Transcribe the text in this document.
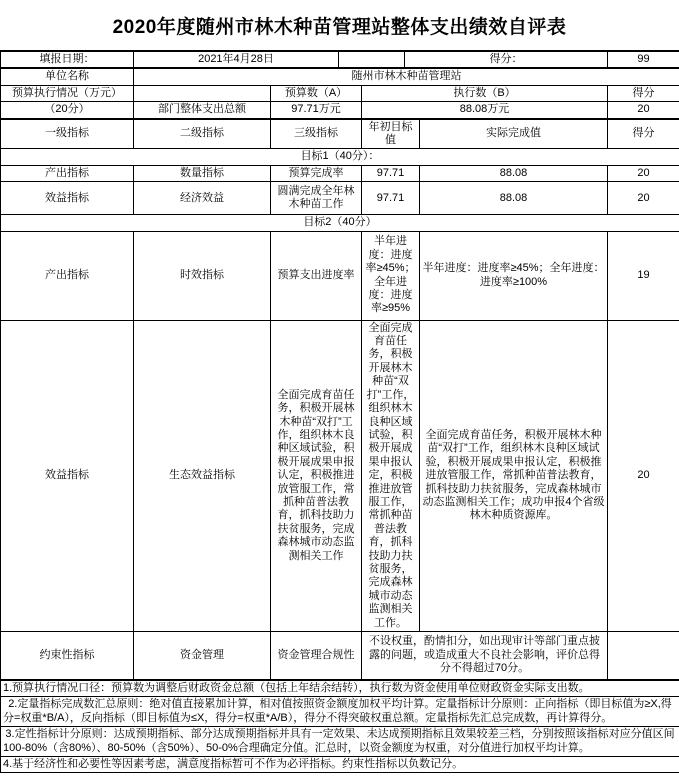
2020年度随州市林木种苗管理站整体支出绩效自评表
填报日期：	2021年4月28日		得分：	99
单位名称	随州市林木种苗管理站			
预算执行情况（万元）		预算数（A）	执行数（B）	得分
（20分）	部门整体支出总额	97.71万元	88.08万元	20
一级指标	二级指标	三级指标	年初目标值	实际完成值	得分
目标1（40分）：					
产出指标	数量指标	预算完成率	97.71	88.08	20
效益指标	经济效益	圆满完成全年林木种苗工作	97.71	88.08	20
目标2（40分）					
产出指标	时效指标	预算支出进度率	半年进度：进度率≥45%；全年进度：进度率≥95%	半年进度：进度率≥45%；全年进度：进度率≥100%	19
效益指标	生态效益指标	全面完成育苗任务，积极开展林木种苗“双打”工作，组织林木良种区域试验，积极开展成果申报认定，积极推进放管服工作，常抓种苗普法教育，抓科技助力扶贫服务，完成森林城市动态监测相关工作	全面完成育苗任务，积极开展林木种苗“双打”工作，组织林木良种区域试验，积极开展成果申报认定，积极推进放管服工作，常抓种苗普法教育，抓科技助力扶贫服务，完成森林城市动态监测相关工作。	全面完成育苗任务，积极开展林木种苗“双打”工作，组织林木良种区域试验，积极开展成果申报认定，积极推进放管服工作，常抓种苗普法教育，抓科技助力扶贫服务，完成森林城市动态监测相关工作；成功申报4个省级林木种质资源库。	20
约束性指标	资金管理	资金管理合规性	不设权重，酌情扣分，如出现审计等部门重点披露的问题，或造成重大不良社会影响，评价总得分不得超过70分。		
1.预算执行情况口径：预算数为调整后财政资金总额（包括上年结余结转），执行数为资金使用单位财政资金实际支出数。
2.定量指标完成数汇总原则：绝对值直接累加计算，相对值按照资金额度加权平均计算。定量指标计分原则：正向指标（即目标值为≥X,得分=权重*B/A），反向指标（即目标值为≤X，得分=权重*A/B），得分不得突破权重总额。定量指标先汇总完成数，再计算得分。
3.定性指标计分原则：达成预期指标、部分达成预期指标并具有一定效果、未达成预期指标且效果较差三档，分别按照该指标对应分值区间100-80%（含80%）、80-50%（含50%）、50-0%合理确定分值。汇总时，以资金额度为权重，对分值进行加权平均计算。
4.基于经济性和必要性等因素考虑，满意度指标暂可不作为必评指标。约束性指标以负数记分。
